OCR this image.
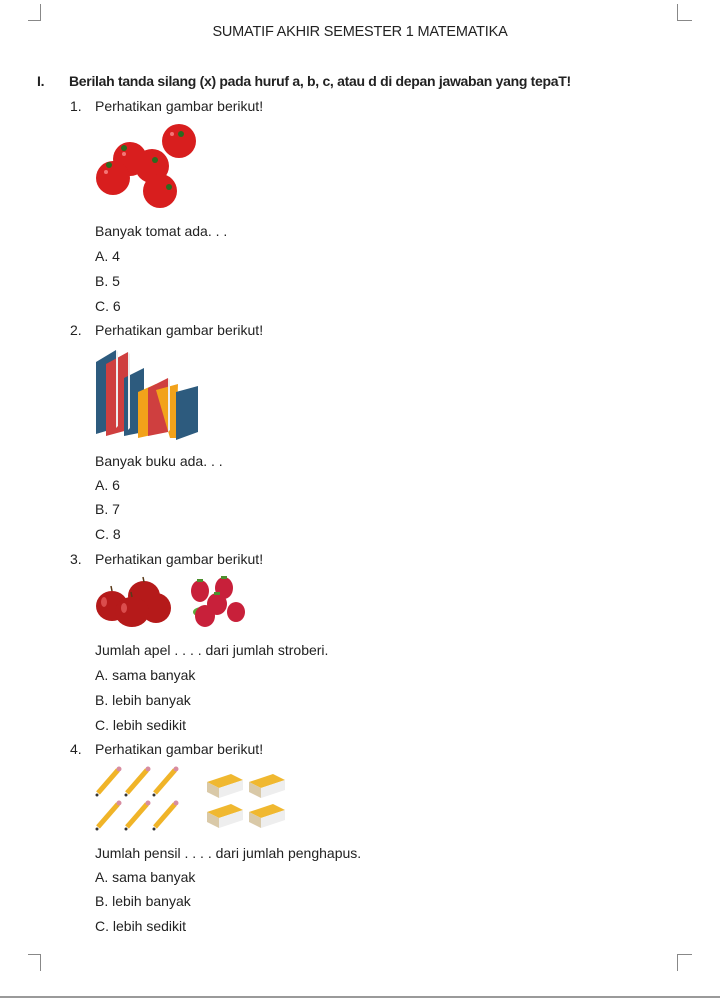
SUMATIF AKHIR SEMESTER 1 MATEMATIKA
I. Berilah tanda silang (x) pada huruf a, b, c, atau d di depan jawaban yang tepaT!
1. Perhatikan gambar berikut!
Banyak tomat ada. . .
A. 4
B. 5
C. 6
2. Perhatikan gambar berikut!
Banyak buku ada. . .
A. 6
B. 7
C. 8
3. Perhatikan gambar berikut!
Jumlah apel . . . . dari jumlah stroberi.
A. sama banyak
B. lebih banyak
C. lebih sedikit
4. Perhatikan gambar berikut!
Jumlah pensil . . . . dari jumlah penghapus.
A. sama banyak
B. lebih banyak
C. lebih sedikit
